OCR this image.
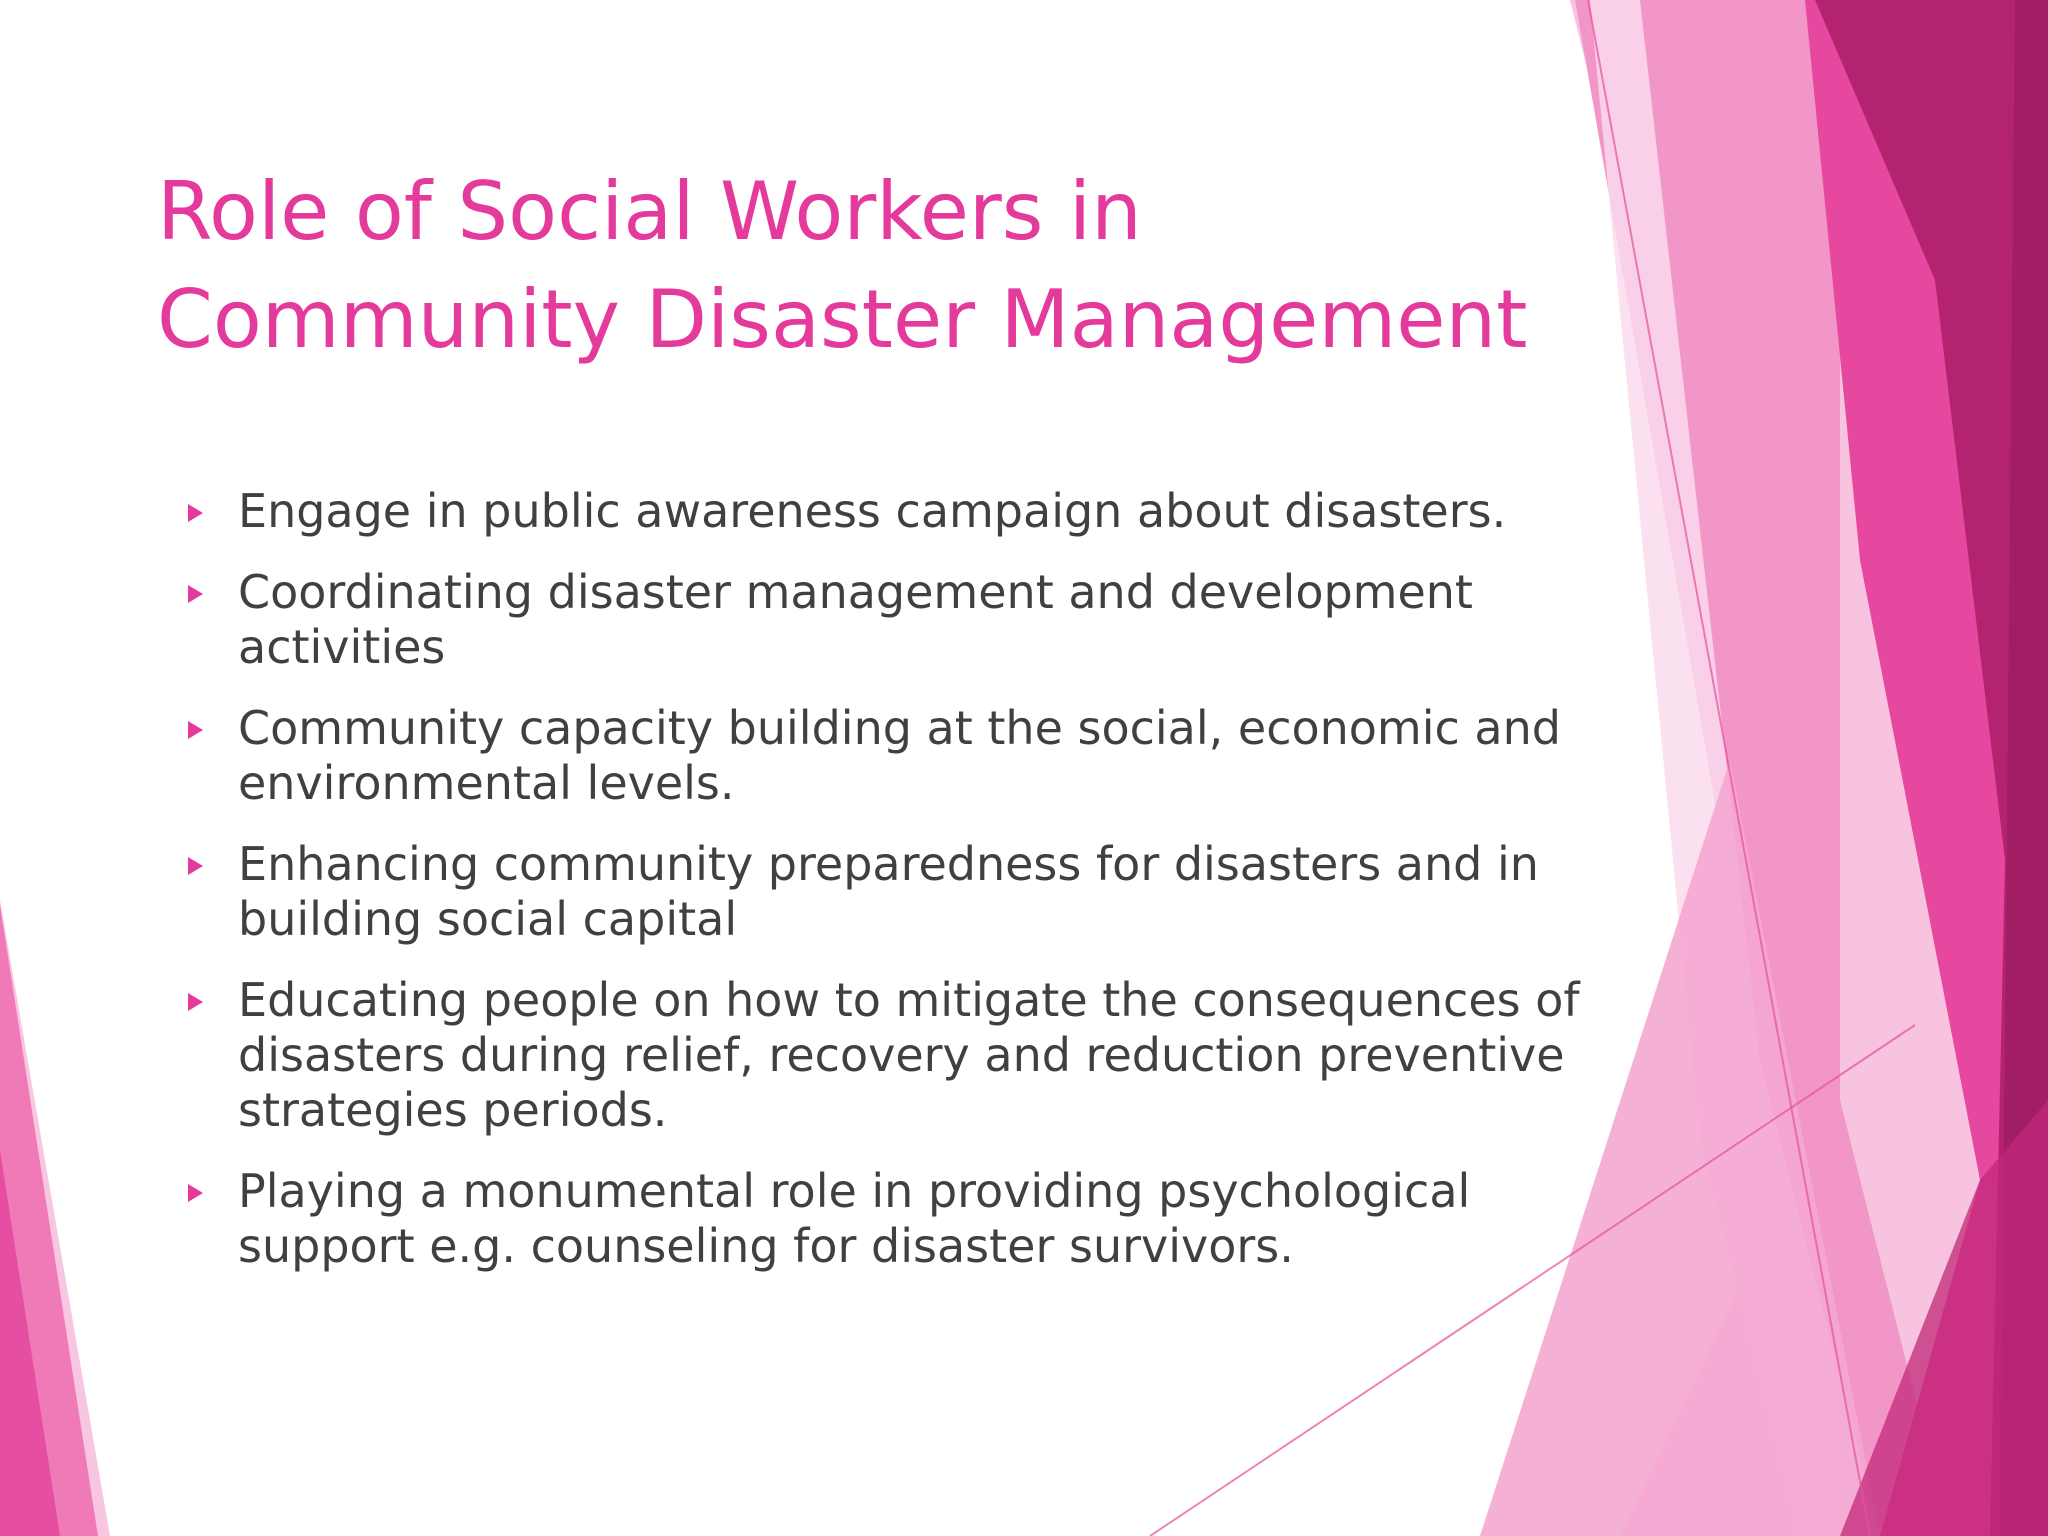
Role of Social Workers in
Community Disaster Management
Engage in public awareness campaign about disasters.
Coordinating disaster management and development activities
Community capacity building at the social, economic and environmental levels.
Enhancing community preparedness for disasters and in building social capital
Educating people on how to mitigate the consequences of disasters during relief, recovery and reduction preventive strategies periods.
Playing a monumental role in providing psychological support e.g. counseling for disaster survivors.
